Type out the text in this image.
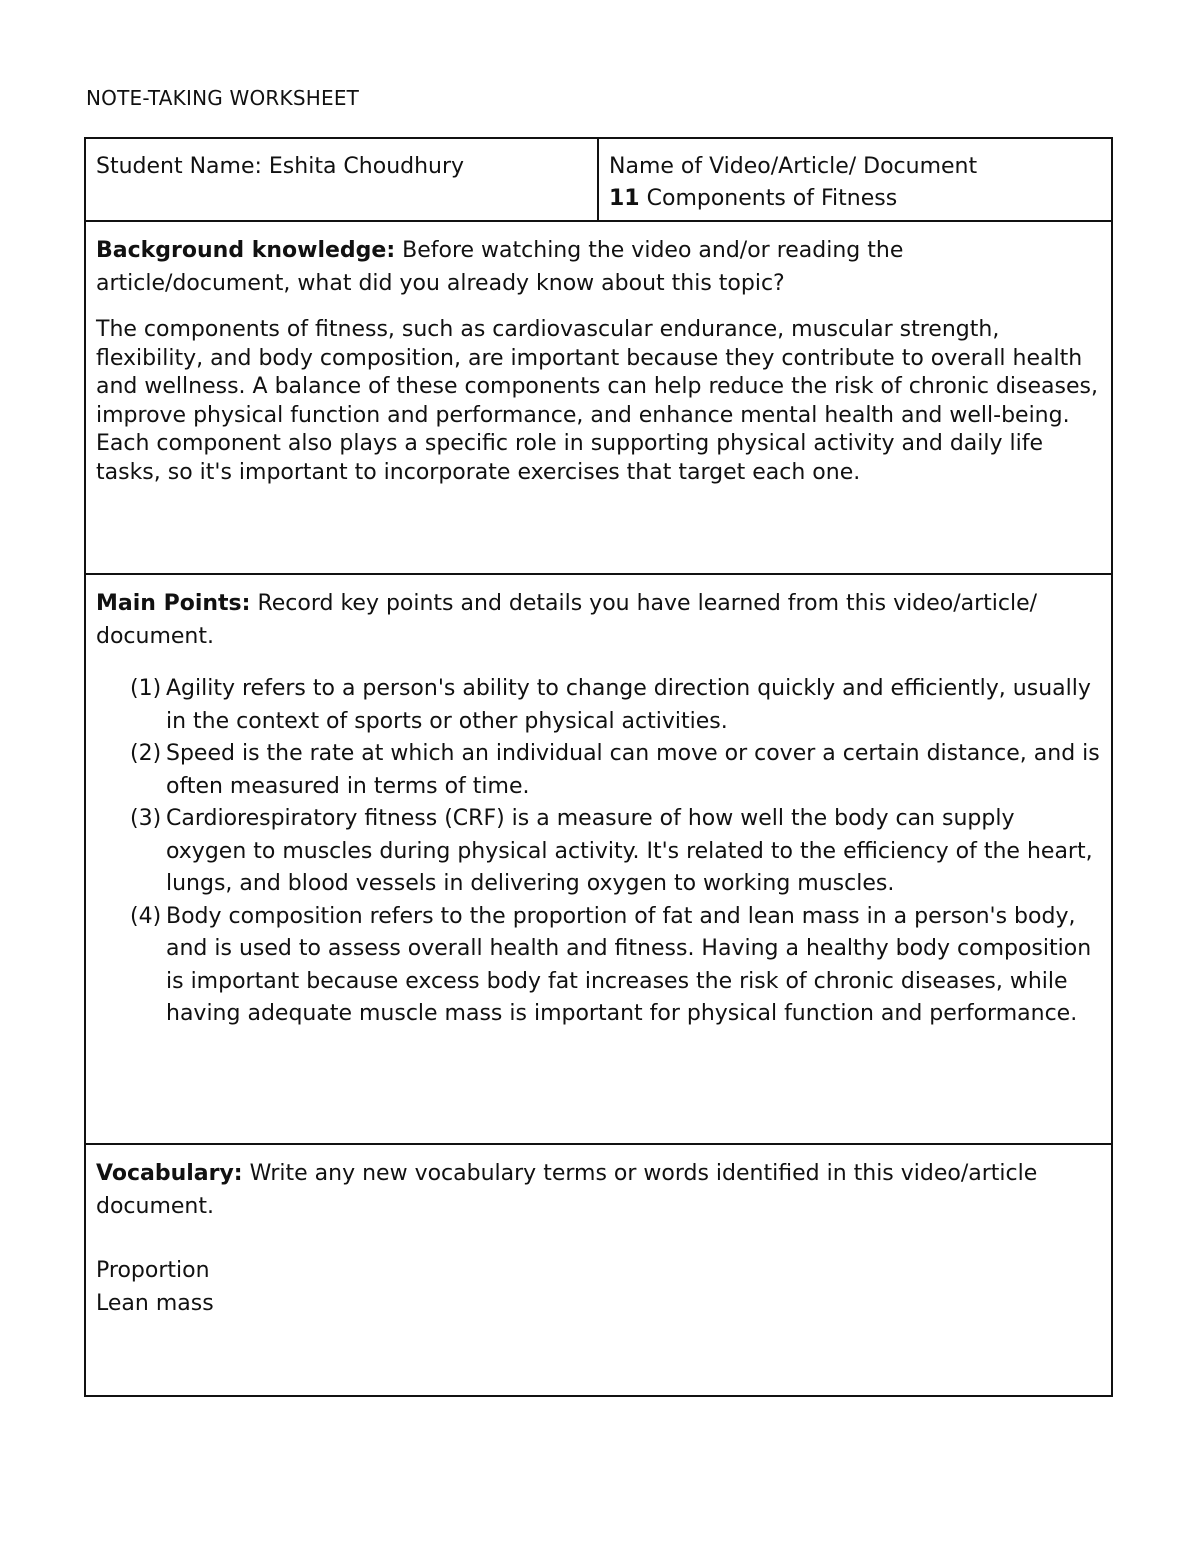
NOTE-TAKING WORKSHEET
Student Name: Eshita Choudhury	Name of Video/Article/ Document
11 Components of Fitness

Background knowledge: Before watching the video and/or reading the article/document, what did you already know about this topic?

The components of fitness, such as cardiovascular endurance, muscular strength, flexibility, and body composition, are important because they contribute to overall health and wellness. A balance of these components can help reduce the risk of chronic diseases, improve physical function and performance, and enhance mental health and well-being. Each component also plays a specific role in supporting physical activity and daily life tasks, so it's important to incorporate exercises that target each one.

Main Points: Record key points and details you have learned from this video/article/ document.

(1) Agility refers to a person's ability to change direction quickly and efficiently, usually in the context of sports or other physical activities.
(2) Speed is the rate at which an individual can move or cover a certain distance, and is often measured in terms of time.
(3) Cardiorespiratory fitness (CRF) is a measure of how well the body can supply oxygen to muscles during physical activity. It's related to the efficiency of the heart, lungs, and blood vessels in delivering oxygen to working muscles.
(4) Body composition refers to the proportion of fat and lean mass in a person's body, and is used to assess overall health and fitness. Having a healthy body composition is important because excess body fat increases the risk of chronic diseases, while having adequate muscle mass is important for physical function and performance.

Vocabulary: Write any new vocabulary terms or words identified in this video/article document.

Proportion
Lean mass
